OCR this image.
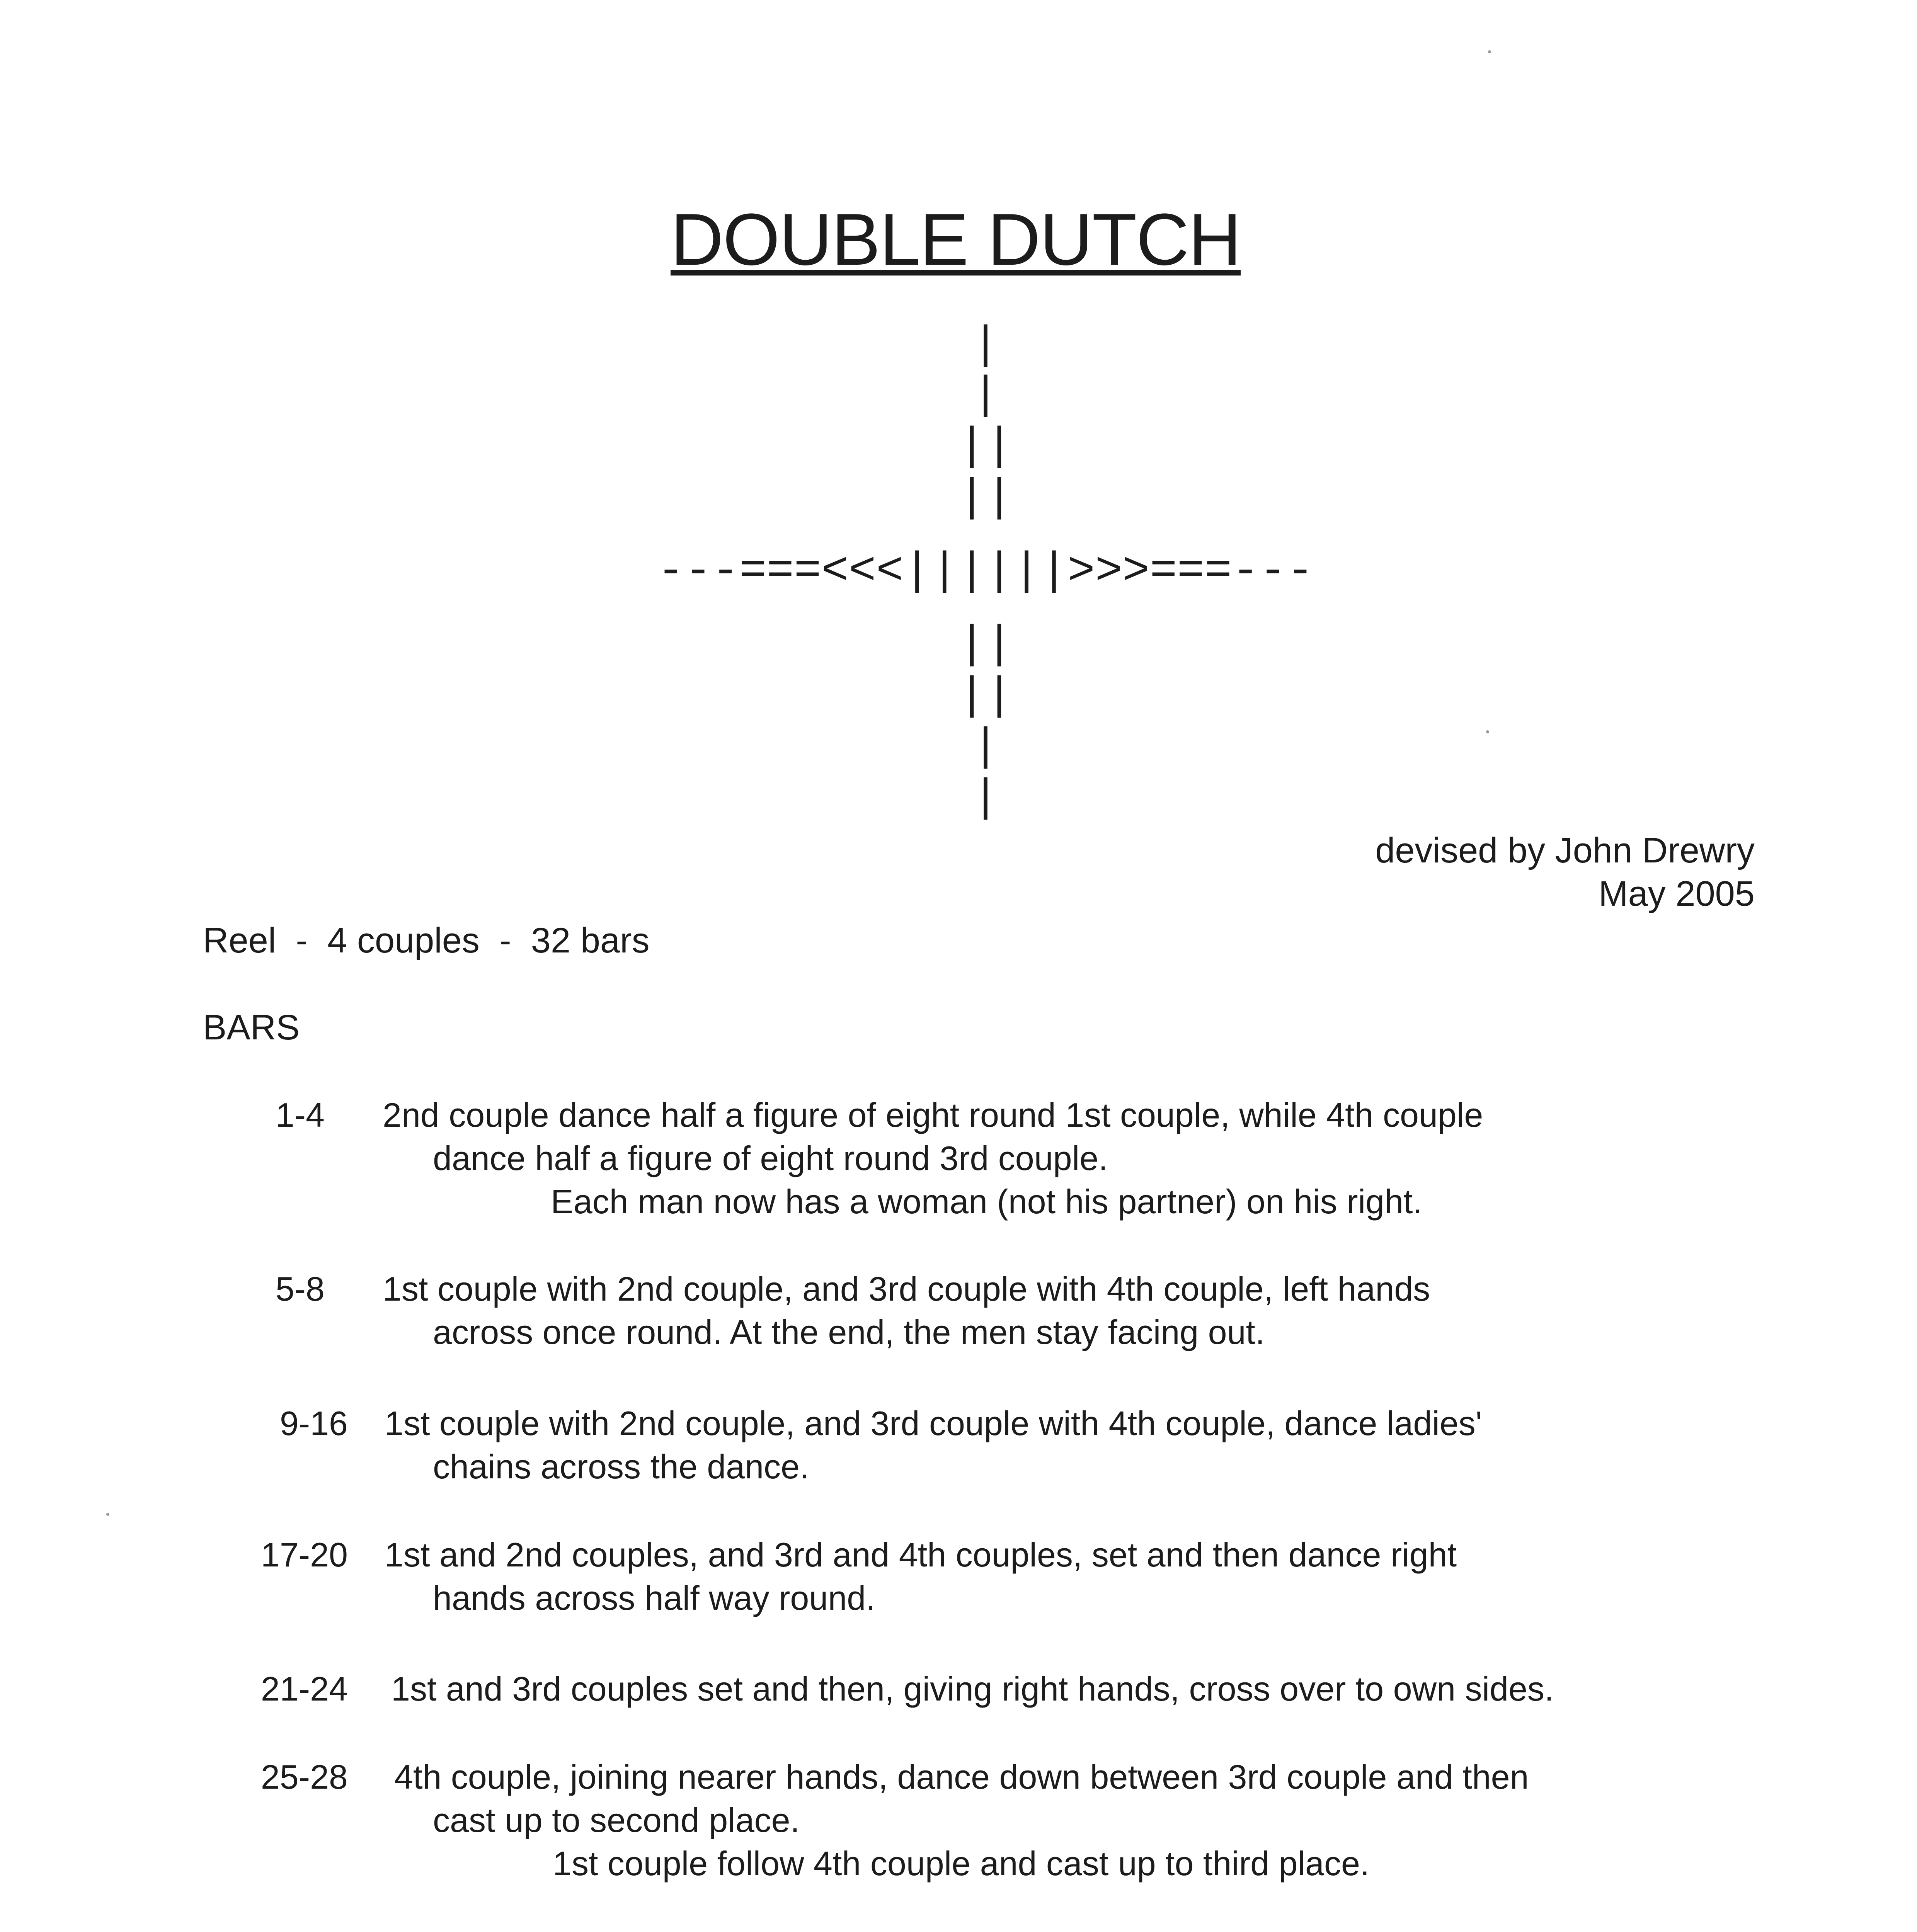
DOUBLE DUTCH
|
|
||
||
---===<<<||||||>>>===---
||
||
|
|
devised by John Drewry
May 2005
Reel  -  4 couples  -  32 bars
BARS
1-4 2nd couple dance half a figure of eight round 1st couple, while 4th couple
dance half a figure of eight round 3rd couple.
Each man now has a woman (not his partner) on his right.
5-8 1st couple with 2nd couple, and 3rd couple with 4th couple, left hands
across once round. At the end, the men stay facing out.
9-16 1st couple with 2nd couple, and 3rd couple with 4th couple, dance ladies'
chains across the dance.
17-20 1st and 2nd couples, and 3rd and 4th couples, set and then dance right
hands across half way round.
21-24 1st and 3rd couples set and then, giving right hands, cross over to own sides.
25-28 4th couple, joining nearer hands, dance down between 3rd couple and then
cast up to second place.
1st couple follow 4th couple and cast up to third place.
